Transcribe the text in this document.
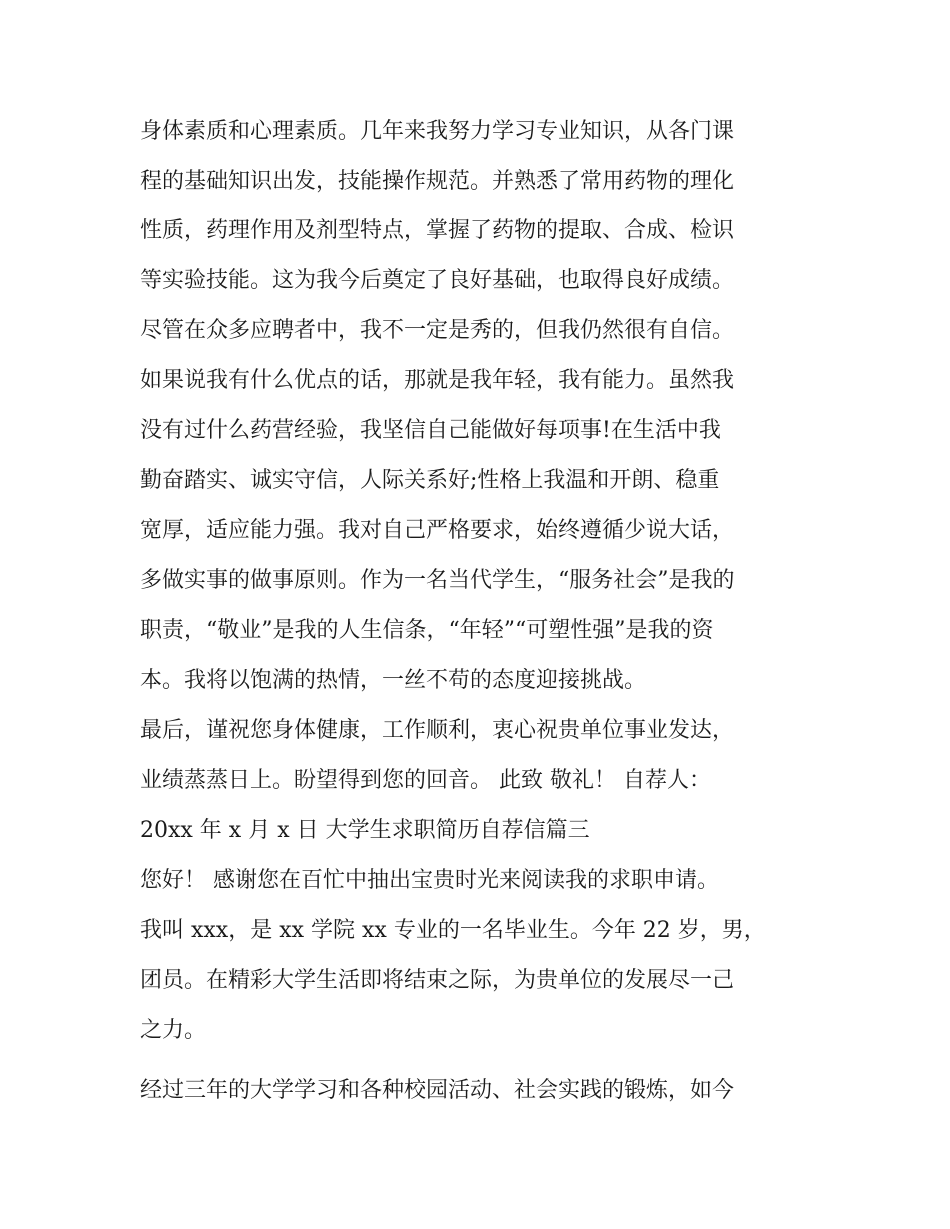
身体素质和心理素质。几年来我努力学习专业知识，从各门课
程的基础知识出发，技能操作规范。并熟悉了常用药物的理化
性质，药理作用及剂型特点，掌握了药物的提取、合成、检识
等实验技能。这为我今后奠定了良好基础，也取得良好成绩。
尽管在众多应聘者中，我不一定是秀的，但我仍然很有自信。
如果说我有什么优点的话，那就是我年轻，我有能力。虽然我
没有过什么药营经验，我坚信自己能做好每项事!在生活中我
勤奋踏实、诚实守信，人际关系好;性格上我温和开朗、稳重
宽厚，适应能力强。我对自己严格要求，始终遵循少说大话，
多做实事的做事原则。作为一名当代学生，“服务社会”是我的
职责，“敬业”是我的人生信条，“年轻”“可塑性强”是我的资
本。我将以饱满的热情，一丝不苟的态度迎接挑战。
最后，谨祝您身体健康，工作顺利，衷心祝贵单位事业发达，
业绩蒸蒸日上。盼望得到您的回音。 此致 敬礼！ 自荐人：
20xx 年 x 月 x 日 大学生求职简历自荐信篇三
您好！ 感谢您在百忙中抽出宝贵时光来阅读我的求职申请。
我叫 xxx，是 xx 学院 xx 专业的一名毕业生。今年 22 岁，男，
团员。在精彩大学生活即将结束之际，为贵单位的发展尽一己
之力。
经过三年的大学学习和各种校园活动、社会实践的锻炼，如今
